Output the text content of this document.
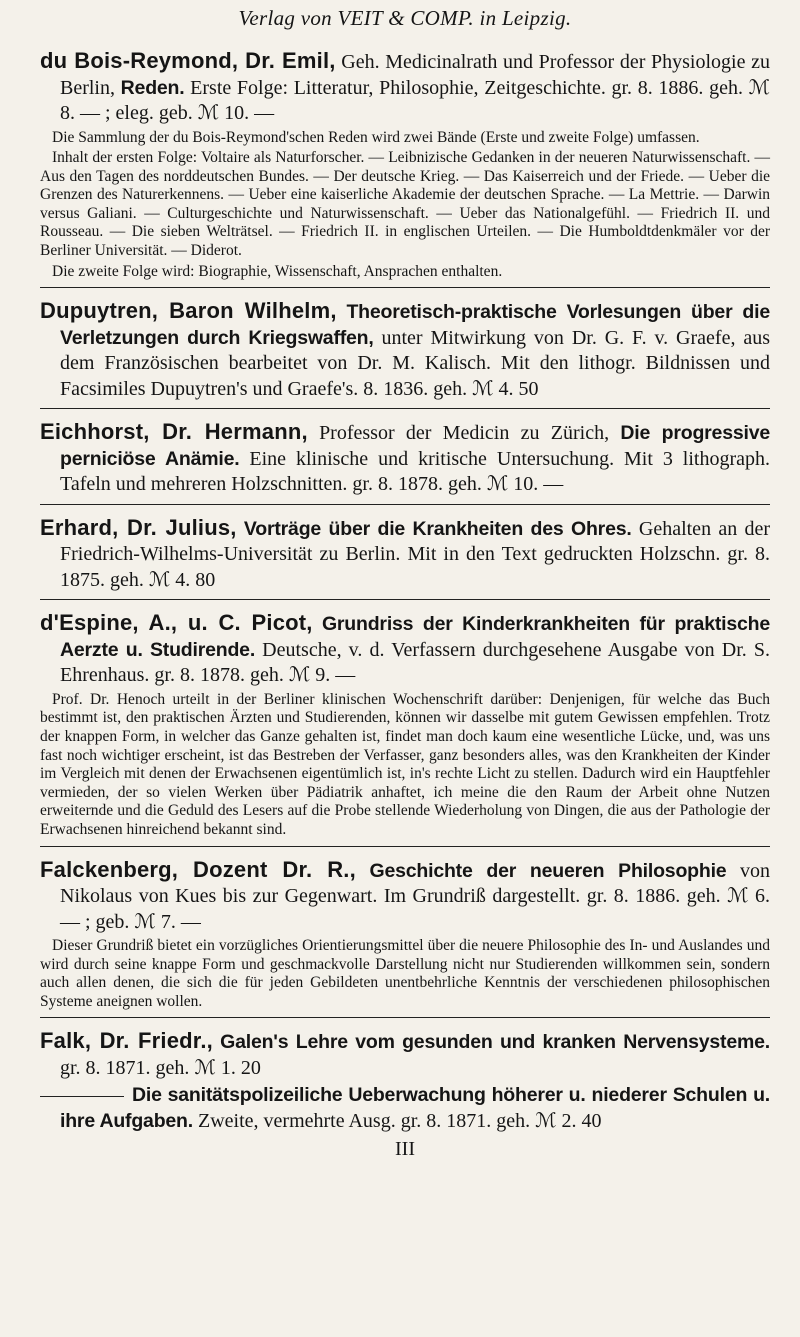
Verlag von VEIT & COMP. in Leipzig.

du Bois-Reymond, Dr. Emil, Geh. Medicinalrath und Professor der Physiologie zu Berlin, Reden. Erste Folge: Litteratur, Philosophie, Zeitgeschichte. gr. 8. 1886. geh. ℳ 8. — ; eleg. geb. ℳ 10. —

Die Sammlung der du Bois-Reymond'schen Reden wird zwei Bände (Erste und zweite Folge) umfassen.

Inhalt der ersten Folge: Voltaire als Naturforscher. — Leibnizische Gedanken in der neueren Naturwissenschaft. — Aus den Tagen des norddeutschen Bundes. — Der deutsche Krieg. — Das Kaiserreich und der Friede. — Ueber die Grenzen des Naturerkennens. — Ueber eine kaiserliche Akademie der deutschen Sprache. — La Mettrie. — Darwin versus Galiani. — Culturgeschichte und Naturwissenschaft. — Ueber das Nationalgefühl. — Friedrich II. und Rousseau. — Die sieben Welträtsel. — Friedrich II. in englischen Urteilen. — Die Humboldtdenkmäler vor der Berliner Universität. — Diderot.

Die zweite Folge wird: Biographie, Wissenschaft, Ansprachen enthalten.

Dupuytren, Baron Wilhelm, Theoretisch-praktische Vorlesungen über die Verletzungen durch Kriegswaffen, unter Mitwirkung von Dr. G. F. v. Graefe, aus dem Französischen bearbeitet von Dr. M. Kalisch. Mit den lithogr. Bildnissen und Facsimiles Dupuytren's und Graefe's. 8. 1836. geh. ℳ 4. 50

Eichhorst, Dr. Hermann, Professor der Medicin zu Zürich, Die progressive perniciöse Anämie. Eine klinische und kritische Untersuchung. Mit 3 lithograph. Tafeln und mehreren Holzschnitten. gr. 8. 1878. geh. ℳ 10. —

Erhard, Dr. Julius, Vorträge über die Krankheiten des Ohres. Gehalten an der Friedrich-Wilhelms-Universität zu Berlin. Mit in den Text gedruckten Holzschn. gr. 8. 1875. geh. ℳ 4. 80

d'Espine, A., u. C. Picot, Grundriss der Kinderkrankheiten für praktische Aerzte u. Studirende. Deutsche, v. d. Verfassern durchgesehene Ausgabe von Dr. S. Ehrenhaus. gr. 8. 1878. geh. ℳ 9. —

Prof. Dr. Henoch urteilt in der Berliner klinischen Wochenschrift darüber: Denjenigen, für welche das Buch bestimmt ist, den praktischen Ärzten und Studierenden, können wir dasselbe mit gutem Gewissen empfehlen. Trotz der knappen Form, in welcher das Ganze gehalten ist, findet man doch kaum eine wesentliche Lücke, und, was uns fast noch wichtiger erscheint, ist das Bestreben der Verfasser, ganz besonders alles, was den Krankheiten der Kinder im Vergleich mit denen der Erwachsenen eigentümlich ist, in's rechte Licht zu stellen. Dadurch wird ein Hauptfehler vermieden, der so vielen Werken über Pädiatrik anhaftet, ich meine die den Raum der Arbeit ohne Nutzen erweiternde und die Geduld des Lesers auf die Probe stellende Wiederholung von Dingen, die aus der Pathologie der Erwachsenen hinreichend bekannt sind.

Falckenberg, Dozent Dr. R., Geschichte der neueren Philosophie von Nikolaus von Kues bis zur Gegenwart. Im Grundriß dargestellt. gr. 8. 1886. geh. ℳ 6. — ; geb. ℳ 7. —

Dieser Grundriß bietet ein vorzügliches Orientierungsmittel über die neuere Philosophie des In- und Auslandes und wird durch seine knappe Form und geschmackvolle Darstellung nicht nur Studierenden willkommen sein, sondern auch allen denen, die sich die für jeden Gebildeten unentbehrliche Kenntnis der verschiedenen philosophischen Systeme aneignen wollen.

Falk, Dr. Friedr., Galen's Lehre vom gesunden und kranken Nervensysteme. gr. 8. 1871. geh. ℳ 1. 20

Die sanitätspolizeiliche Ueberwachung höherer u. niederer Schulen u. ihre Aufgaben. Zweite, vermehrte Ausg. gr. 8. 1871. geh. ℳ 2. 40

III
